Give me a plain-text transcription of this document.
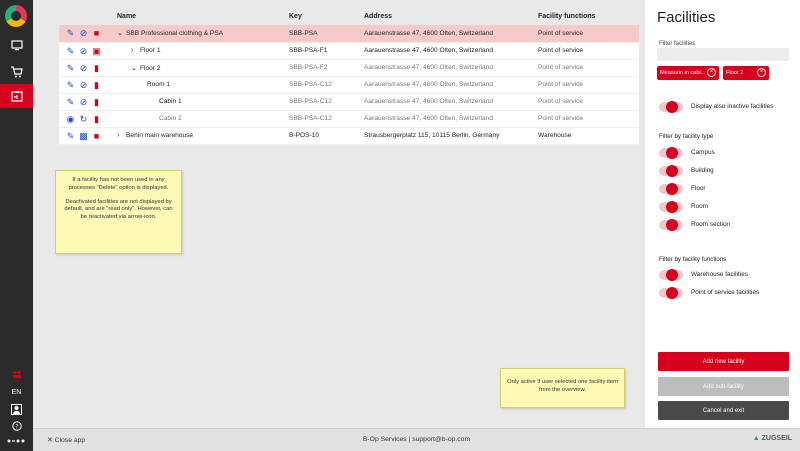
EN
?
	Name	Key	Address	Facility functions
✎ ⊘ ■	⌄ SBB Professional clothing & PSA	SBB-PSA	Aarauenstrasse 47, 4600 Olten, Switzerland	Point of service
✎ ⊘ ▣	› Floor 1	SBB-PSA-F1	Aarauenstrasse 47, 4600 Olten, Switzerland	Point of service
✎ ⊘ ▮	⌄ Floor 2	SBB-PSA-F2	Aarauenstrasse 47, 4600 Olten, Switzerland	Point of service
✎ ⊘ ▮	Room 1	SBB-PSA-C12	Aarauenstrasse 47, 4600 Olten, Switzerland	Point of service
✎ ⊘ ▮	Cabin 1	SBB-PSA-C12	Aarauenstrasse 47, 4600 Olten, Switzerland	Point of service
◉ ↻ ▮	Cabin 2	SBB-PSA-C12	Aarauenstrasse 47, 4600 Olten, Switzerland	Point of service
✎ ▩ ■	› Berlin main warehouse	B-POS-10	Strausbergerplatz 115, 10115 Berlin, Germany	Warehouse

If a facility has not been used in any processes "Delete" option is displayed.

Deactivated facilities are not displayed by default, and are "read only". However, can be reactivated via arrow-icon.

Only active if user selected one facility item from the overview.

Facilities
Filter facilities
Measurin in cabi... ×	Floor 2	×
Display also inactive facilities
Filter by facility type
Campus
Building
Floor
Room
Room section
Filter by facility functions
Warehouse facilities
Point of service facilities
Add new facility
Add sub-facility
Cancel and exit
✕ Close app	B-Op Services | support@b-op.com	▲ ZUGSEIL
